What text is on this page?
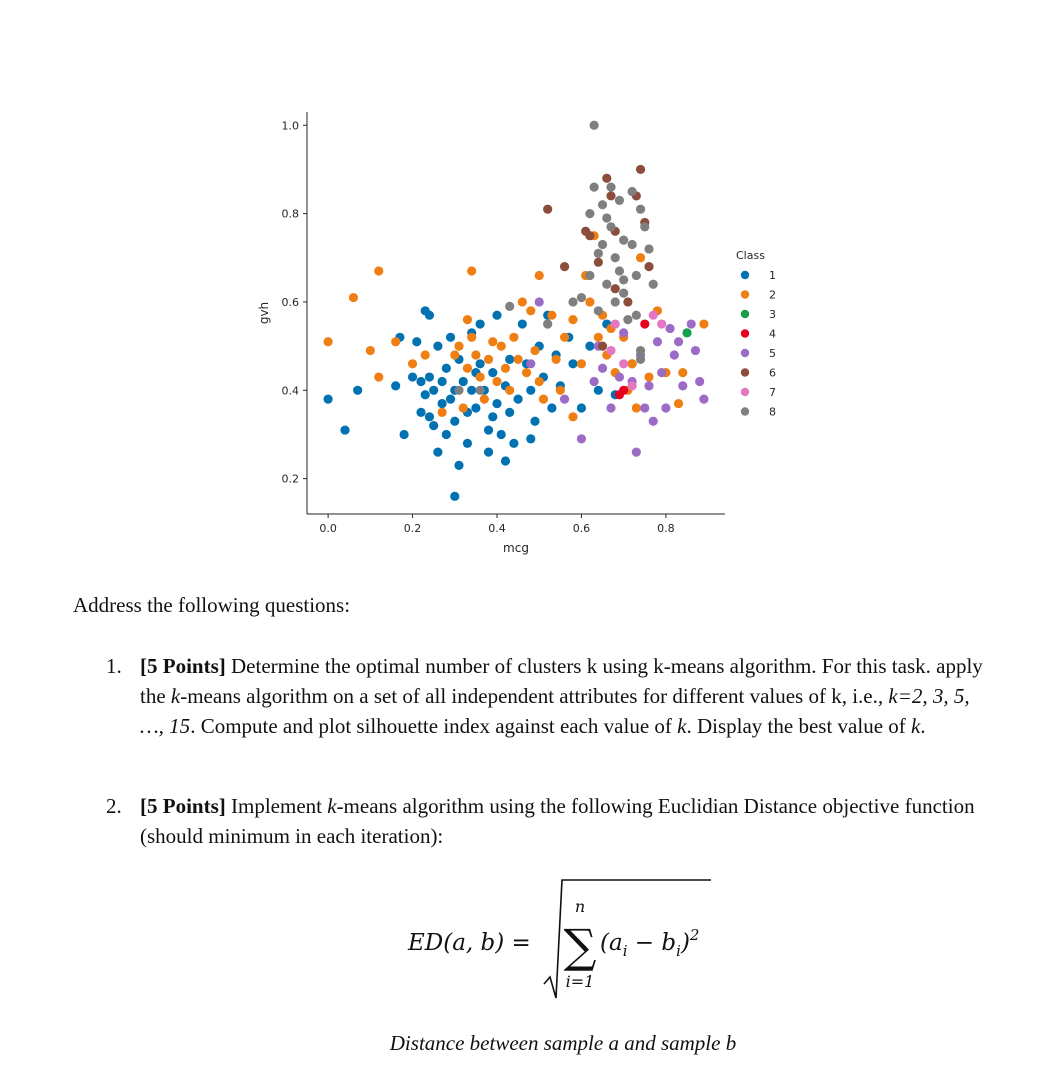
0.0	0.2	0.4	0.6	0.8
0.2
0.4
0.6
0.8
1.0
mcg
gvh
Class
1
2
3
4
5
6
7
8

Address the following questions:

1. [5 Points] Determine the optimal number of clusters k using k-means algorithm. For this task. apply the k-means algorithm on a set of all independent attributes for different values of k, i.e., k=2, 3, 5, …, 15. Compute and plot silhouette index against each value of k. Display the best value of k.
2. [5 Points] Implement k-means algorithm using the following Euclidian Distance objective function (should minimum in each iteration):
ED(a, b) =
n
∑
i=1
$(a_i - b_i)^2$
Distance between sample a and sample b
